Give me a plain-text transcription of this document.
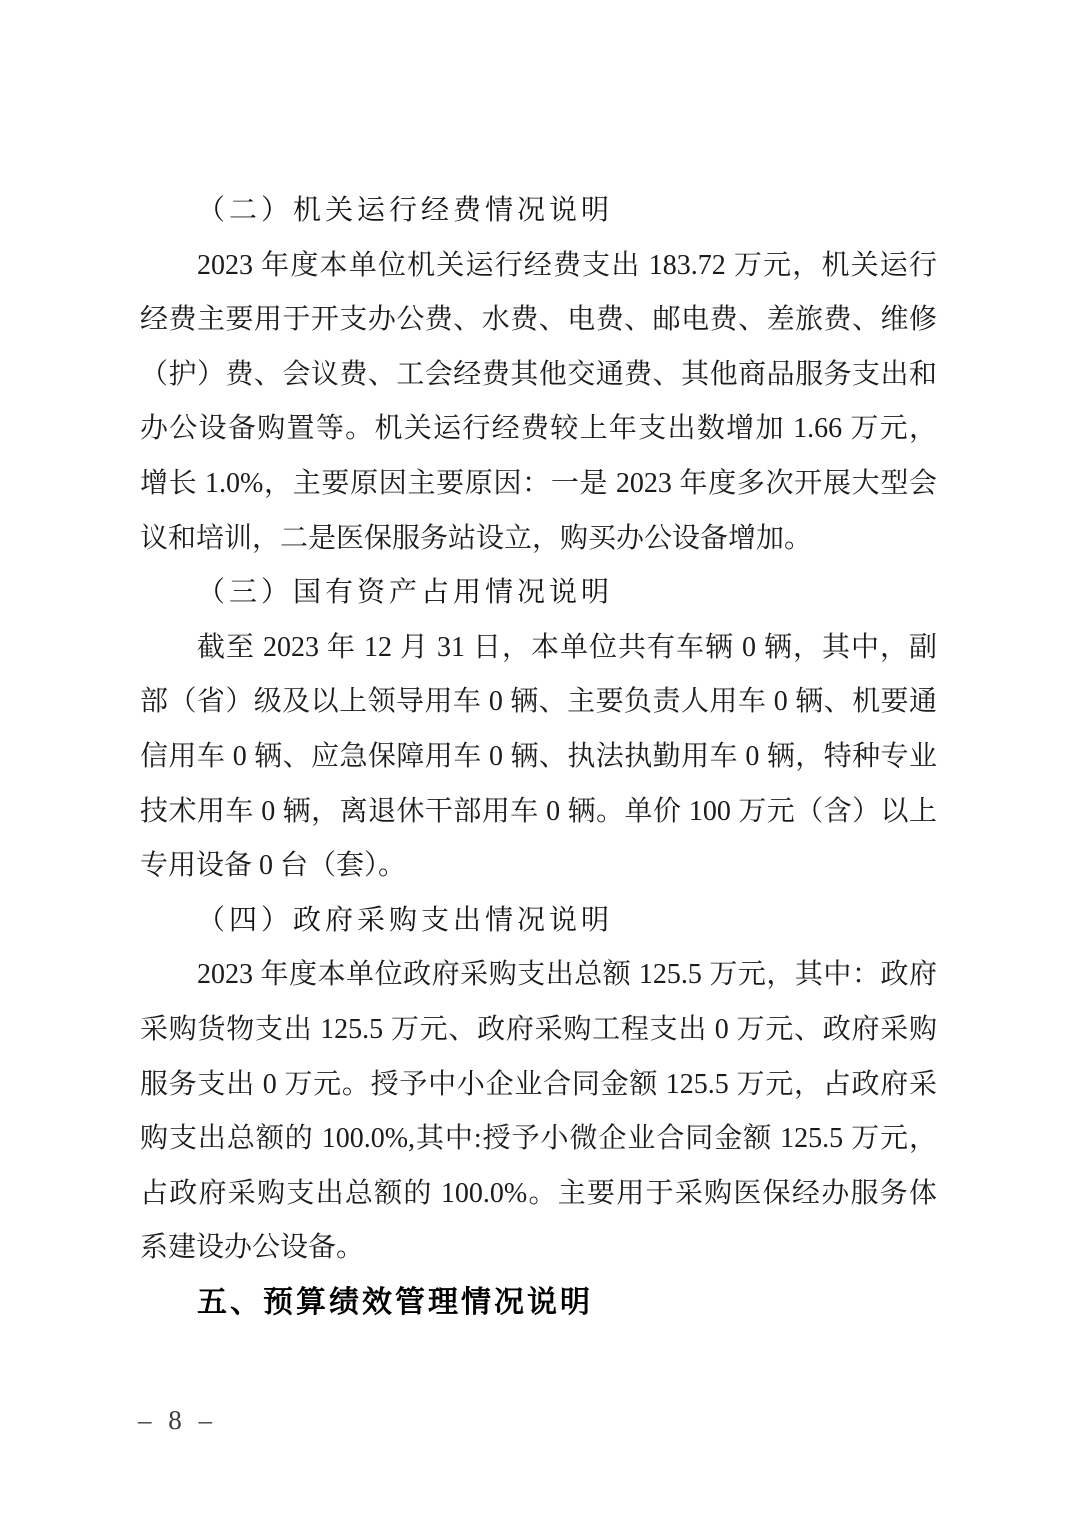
（二）机关运行经费情况说明
2023 年度本单位机关运行经费支出 183.72 万元，机关运行
经费主要用于开支办公费、水费、电费、邮电费、差旅费、维修
（护）费、会议费、工会经费其他交通费、其他商品服务支出和
办公设备购置等。机关运行经费较上年支出数增加 1.66 万元，
增长 1.0%，主要原因主要原因：一是 2023 年度多次开展大型会
议和培训，二是医保服务站设立，购买办公设备增加。
（三）国有资产占用情况说明
截至 2023 年 12 月 31 日，本单位共有车辆 0 辆，其中，副
部（省）级及以上领导用车 0 辆、主要负责人用车 0 辆、机要通
信用车 0 辆、应急保障用车 0 辆、执法执勤用车 0 辆，特种专业
技术用车 0 辆，离退休干部用车 0 辆。单价 100 万元（含）以上
专用设备 0 台（套）。
（四）政府采购支出情况说明
2023 年度本单位政府采购支出总额 125.5 万元，其中：政府
采购货物支出 125.5 万元、政府采购工程支出 0 万元、政府采购
服务支出 0 万元。授予中小企业合同金额 125.5 万元，占政府采
购支出总额的 100.0%,其中:授予小微企业合同金额 125.5 万元，
占政府采购支出总额的 100.0%。主要用于采购医保经办服务体
系建设办公设备。
五、预算绩效管理情况说明
– 8 –
